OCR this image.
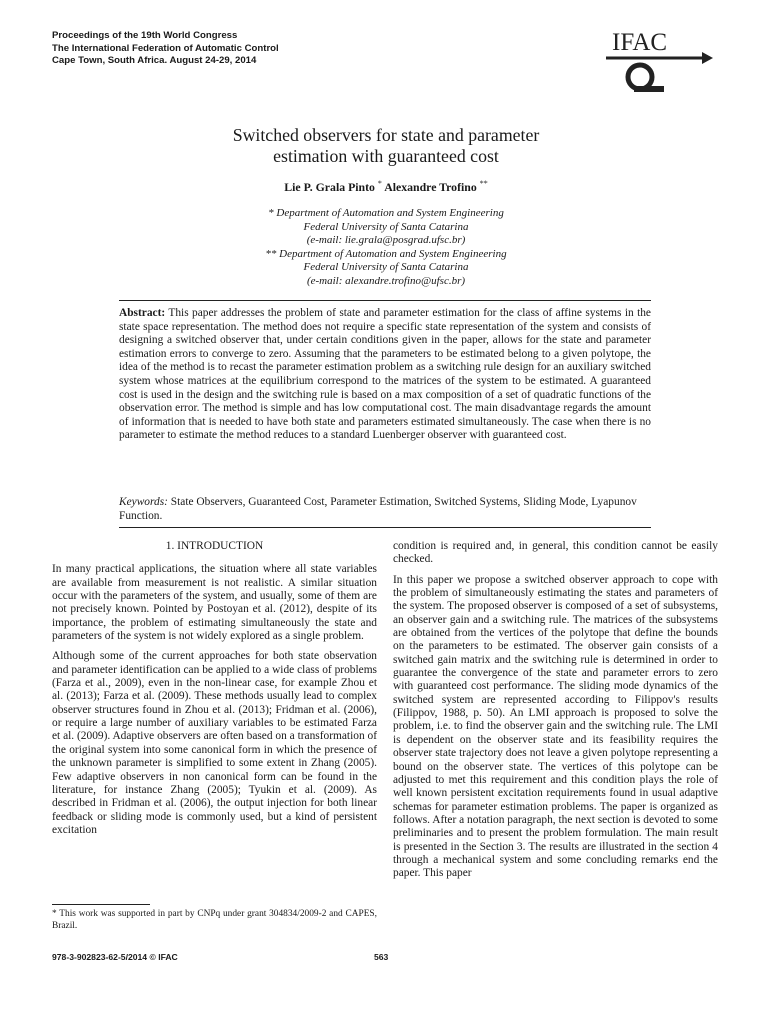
Proceedings of the 19th World Congress
The International Federation of Automatic Control
Cape Town, South Africa. August 24-29, 2014
IFAC
Switched observers for state and parameter
estimation with guaranteed cost
Lie P. Grala Pinto * Alexandre Trofino **
* Department of Automation and System Engineering
Federal University of Santa Catarina
(e-mail: lie.grala@posgrad.ufsc.br)
** Department of Automation and System Engineering
Federal University of Santa Catarina
(e-mail: alexandre.trofino@ufsc.br)
Abstract: This paper addresses the problem of state and parameter estimation for the class of affine systems in the state space representation. The method does not require a specific state representation of the system and consists of designing a switched observer that, under certain conditions given in the paper, allows for the state and parameter estimation errors to converge to zero. Assuming that the parameters to be estimated belong to a given polytope, the idea of the method is to recast the parameter estimation problem as a switching rule design for an auxiliary switched system whose matrices at the equilibrium correspond to the matrices of the system to be estimated. A guaranteed cost is used in the design and the switching rule is based on a max composition of a set of quadratic functions of the observation error. The method is simple and has low computational cost. The main disadvantage regards the amount of information that is needed to have both state and parameters estimated simultaneously. The case when there is no parameter to estimate the method reduces to a standard Luenberger observer with guaranteed cost.
Keywords: State Observers, Guaranteed Cost, Parameter Estimation, Switched Systems, Sliding Mode, Lyapunov Function.
1. INTRODUCTION

In many practical applications, the situation where all state variables are available from measurement is not realistic. A similar situation occur with the parameters of the system, and usually, some of them are not precisely known. Pointed by Postoyan et al. (2012), despite of its importance, the problem of estimating simultaneously the state and parameters of the system is not widely explored as a single problem.

Although some of the current approaches for both state observation and parameter identification can be applied to a wide class of problems (Farza et al., 2009), even in the non-linear case, for example Zhou et al. (2013); Farza et al. (2009). These methods usually lead to complex observer structures found in Zhou et al. (2013); Fridman et al. (2006), or require a large number of auxiliary variables to be estimated Farza et al. (2009). Adaptive observers are often based on a transformation of the original system into some canonical form in which the presence of the unknown parameter is simplified to some extent in Zhang (2005). Few adaptive observers in non canonical form can be found in the literature, for instance Zhang (2005); Tyukin et al. (2009). As described in Fridman et al. (2006), the output injection for both linear feedback or sliding mode is commonly used, but a kind of persistent excitation

condition is required and, in general, this condition cannot be easily checked.

In this paper we propose a switched observer approach to cope with the problem of simultaneously estimating the states and parameters of the system. The proposed observer is composed of a set of subsystems, an observer gain and a switching rule. The matrices of the subsystems are obtained from the vertices of the polytope that define the bounds on the parameters to be estimated. The observer gain consists of a switched gain matrix and the switching rule is determined in order to guarantee the convergence of the state and parameter errors to zero with guaranteed cost performance. The sliding mode dynamics of the switched system are represented according to Filippov's results (Filippov, 1988, p. 50). An LMI approach is proposed to solve the problem, i.e. to find the observer gain and the switching rule. The LMI is dependent on the observer state and its feasibility requires the observer state trajectory does not leave a given polytope representing a bound on the observer state. The vertices of this polytope can be adjusted to met this requirement and this condition plays the role of well known persistent excitation requirements found in usual adaptive schemas for parameter estimation problems. The paper is organized as follows. After a notation paragraph, the next section is devoted to some preliminaries and to present the problem formulation. The main result is presented in the Section 3. The results are illustrated in the section 4 through a mechanical system and some concluding remarks end the paper. This paper

* This work was supported in part by CNPq under grant 304834/2009-2 and CAPES, Brazil.
978-3-902823-62-5/2014 © IFAC	563
